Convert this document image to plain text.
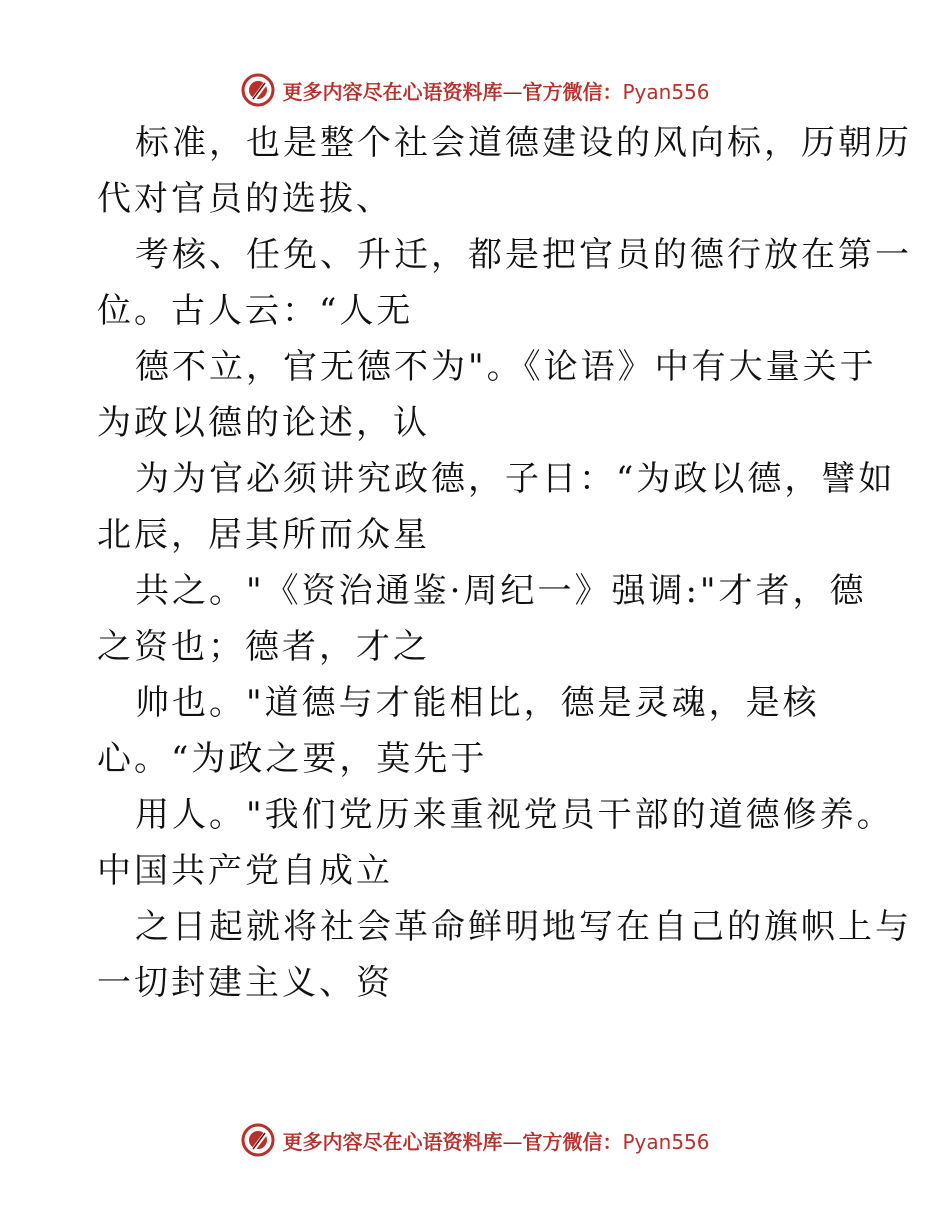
更多内容尽在心语资料库—官方微信：Pyan556
标准，也是整个社会道德建设的风向标，历朝历
代对官员的选拔、
考核、任免、升迁，都是把官员的德行放在第一
位。古人云：“人无
德不立，官无德不为"。《论语》中有大量关于
为政以德的论述，认
为为官必须讲究政德，子日：“为政以德，譬如
北辰，居其所而众星
共之。"《资治通鉴·周纪一》强调:"才者，德
之资也；德者，才之
帅也。"道德与才能相比，德是灵魂，是核
心。“为政之要，莫先于
用人。"我们党历来重视党员干部的道德修养。
中国共产党自成立
之日起就将社会革命鲜明地写在自己的旗帜上与
一切封建主义、资
更多内容尽在心语资料库—官方微信：Pyan556
